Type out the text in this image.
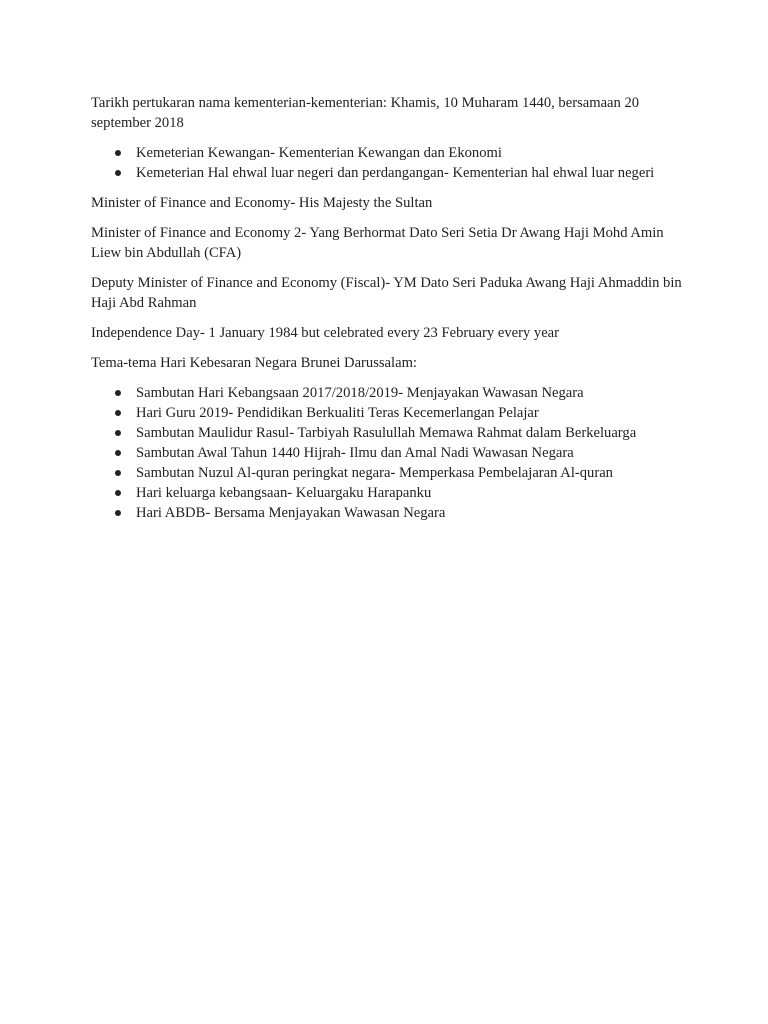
Tarikh pertukaran nama kementerian-kementerian: Khamis, 10 Muharam 1440, bersamaan 20 september 2018

Kemeterian Kewangan- Kementerian Kewangan dan Ekonomi
Kemeterian Hal ehwal luar negeri dan perdangangan- Kementerian hal ehwal luar negeri

Minister of Finance and Economy- His Majesty the Sultan

Minister of Finance and Economy 2- Yang Berhormat Dato Seri Setia Dr Awang Haji Mohd Amin Liew bin Abdullah (CFA)

Deputy Minister of Finance and Economy (Fiscal)- YM Dato Seri Paduka Awang Haji Ahmaddin bin Haji Abd Rahman

Independence Day- 1 January 1984 but celebrated every 23 February every year

Tema-tema Hari Kebesaran Negara Brunei Darussalam:

Sambutan Hari Kebangsaan 2017/2018/2019- Menjayakan Wawasan Negara
Hari Guru 2019- Pendidikan Berkualiti Teras Kecemerlangan Pelajar
Sambutan Maulidur Rasul- Tarbiyah Rasulullah Memawa Rahmat dalam Berkeluarga
Sambutan Awal Tahun 1440 Hijrah- Ilmu dan Amal Nadi Wawasan Negara
Sambutan Nuzul Al-quran peringkat negara- Memperkasa Pembelajaran Al-quran
Hari keluarga kebangsaan- Keluargaku Harapanku
Hari ABDB- Bersama Menjayakan Wawasan Negara
